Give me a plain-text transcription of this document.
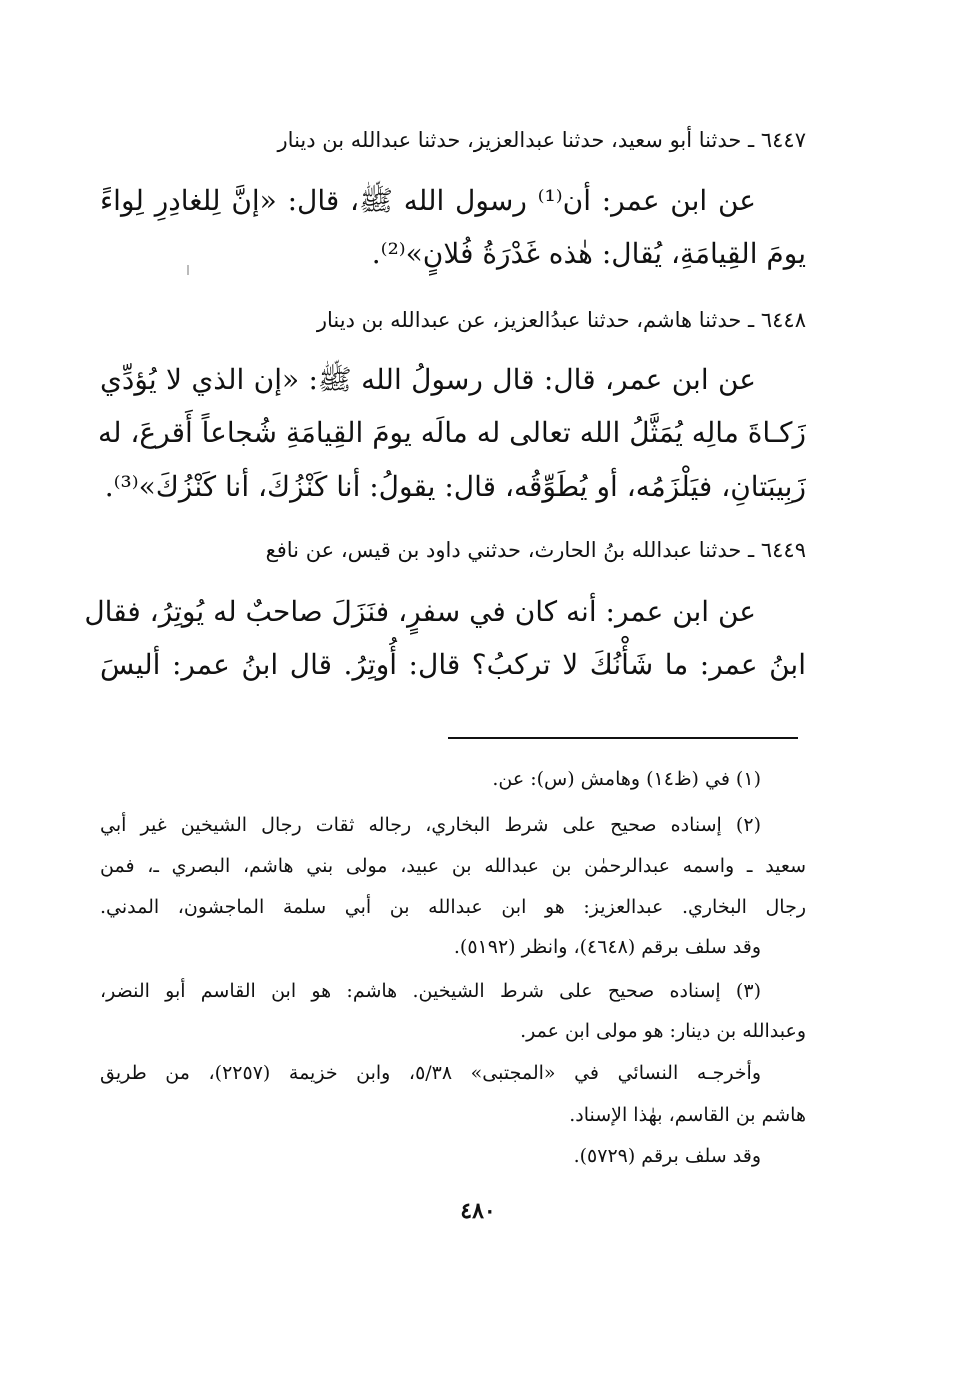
٦٤٤٧ ـ حدثنا أبو سعيد، حدثنا عبدالعزيز، حدثنا عبدالله بن دينار
عن ابن عمر: أن⁽¹⁾ رسول الله ﷺ، قال: «إنَّ لِلغادِرِ لِواءً
يومَ القِيامَةِ، يُقال: هٰذه غَدْرَةُ فُلانٍ»⁽²⁾.
٦٤٤٨ ـ حدثنا هاشم، حدثنا عبدُالعزيز، عن عبدالله بن دينار
عن ابن عمر، قال: قال رسولُ الله ﷺ: «إن الذي لا يُؤدِّي
زَكـاةَ مالِه يُمَثَّلُ الله تعالى له مالَه يومَ القِيامَةِ شُجاعاً أَقرعَ، له
زَبِيبَتانِ، فيَلْزَمُه، أو يُطَوِّقُه، قال: يقولُ: أنا كَنْزُكَ، أنا كَنْزُكَ»⁽³⁾.
٦٤٤٩ ـ حدثنا عبدالله بنُ الحارث، حدثني داود بن قيس، عن نافع
عن ابن عمر: أنه كان في سفرٍ، فنَزَلَ صاحبٌ له يُوتِرُ، فقال
ابنُ عمر: ما شَأْنُكَ لا تركبُ؟ قال: أُوتِرُ. قال ابنُ عمر: أليسَ
(١) في (ظ١٤) وهامش (س): عن.
(٢) إسناده صحيح على شرط البخاري، رجاله ثقات رجال الشيخين غير أبي
سعيد ـ واسمه عبدالرحمٰن بن عبدالله بن عبيد، مولى بني هاشم، البصري ـ، فمن
رجال البخاري. عبدالعزيز: هو ابن عبدالله بن أبي سلمة الماجشون، المدني.
وقد سلف برقم (٤٦٤٨)، وانظر (٥١٩٢).
(٣) إسناده صحيح على شرط الشيخين. هاشم: هو ابن القاسم أبو النضر،
وعبدالله بن دينار: هو مولى ابن عمر.
وأخرجـه النسائي في «المجتبى» ٥/٣٨، وابن خزيمة (٢٢٥٧)، من طريق
هاشم بن القاسم، بهٰذا الإسناد.
وقد سلف برقم (٥٧٢٩).
٤٨٠
